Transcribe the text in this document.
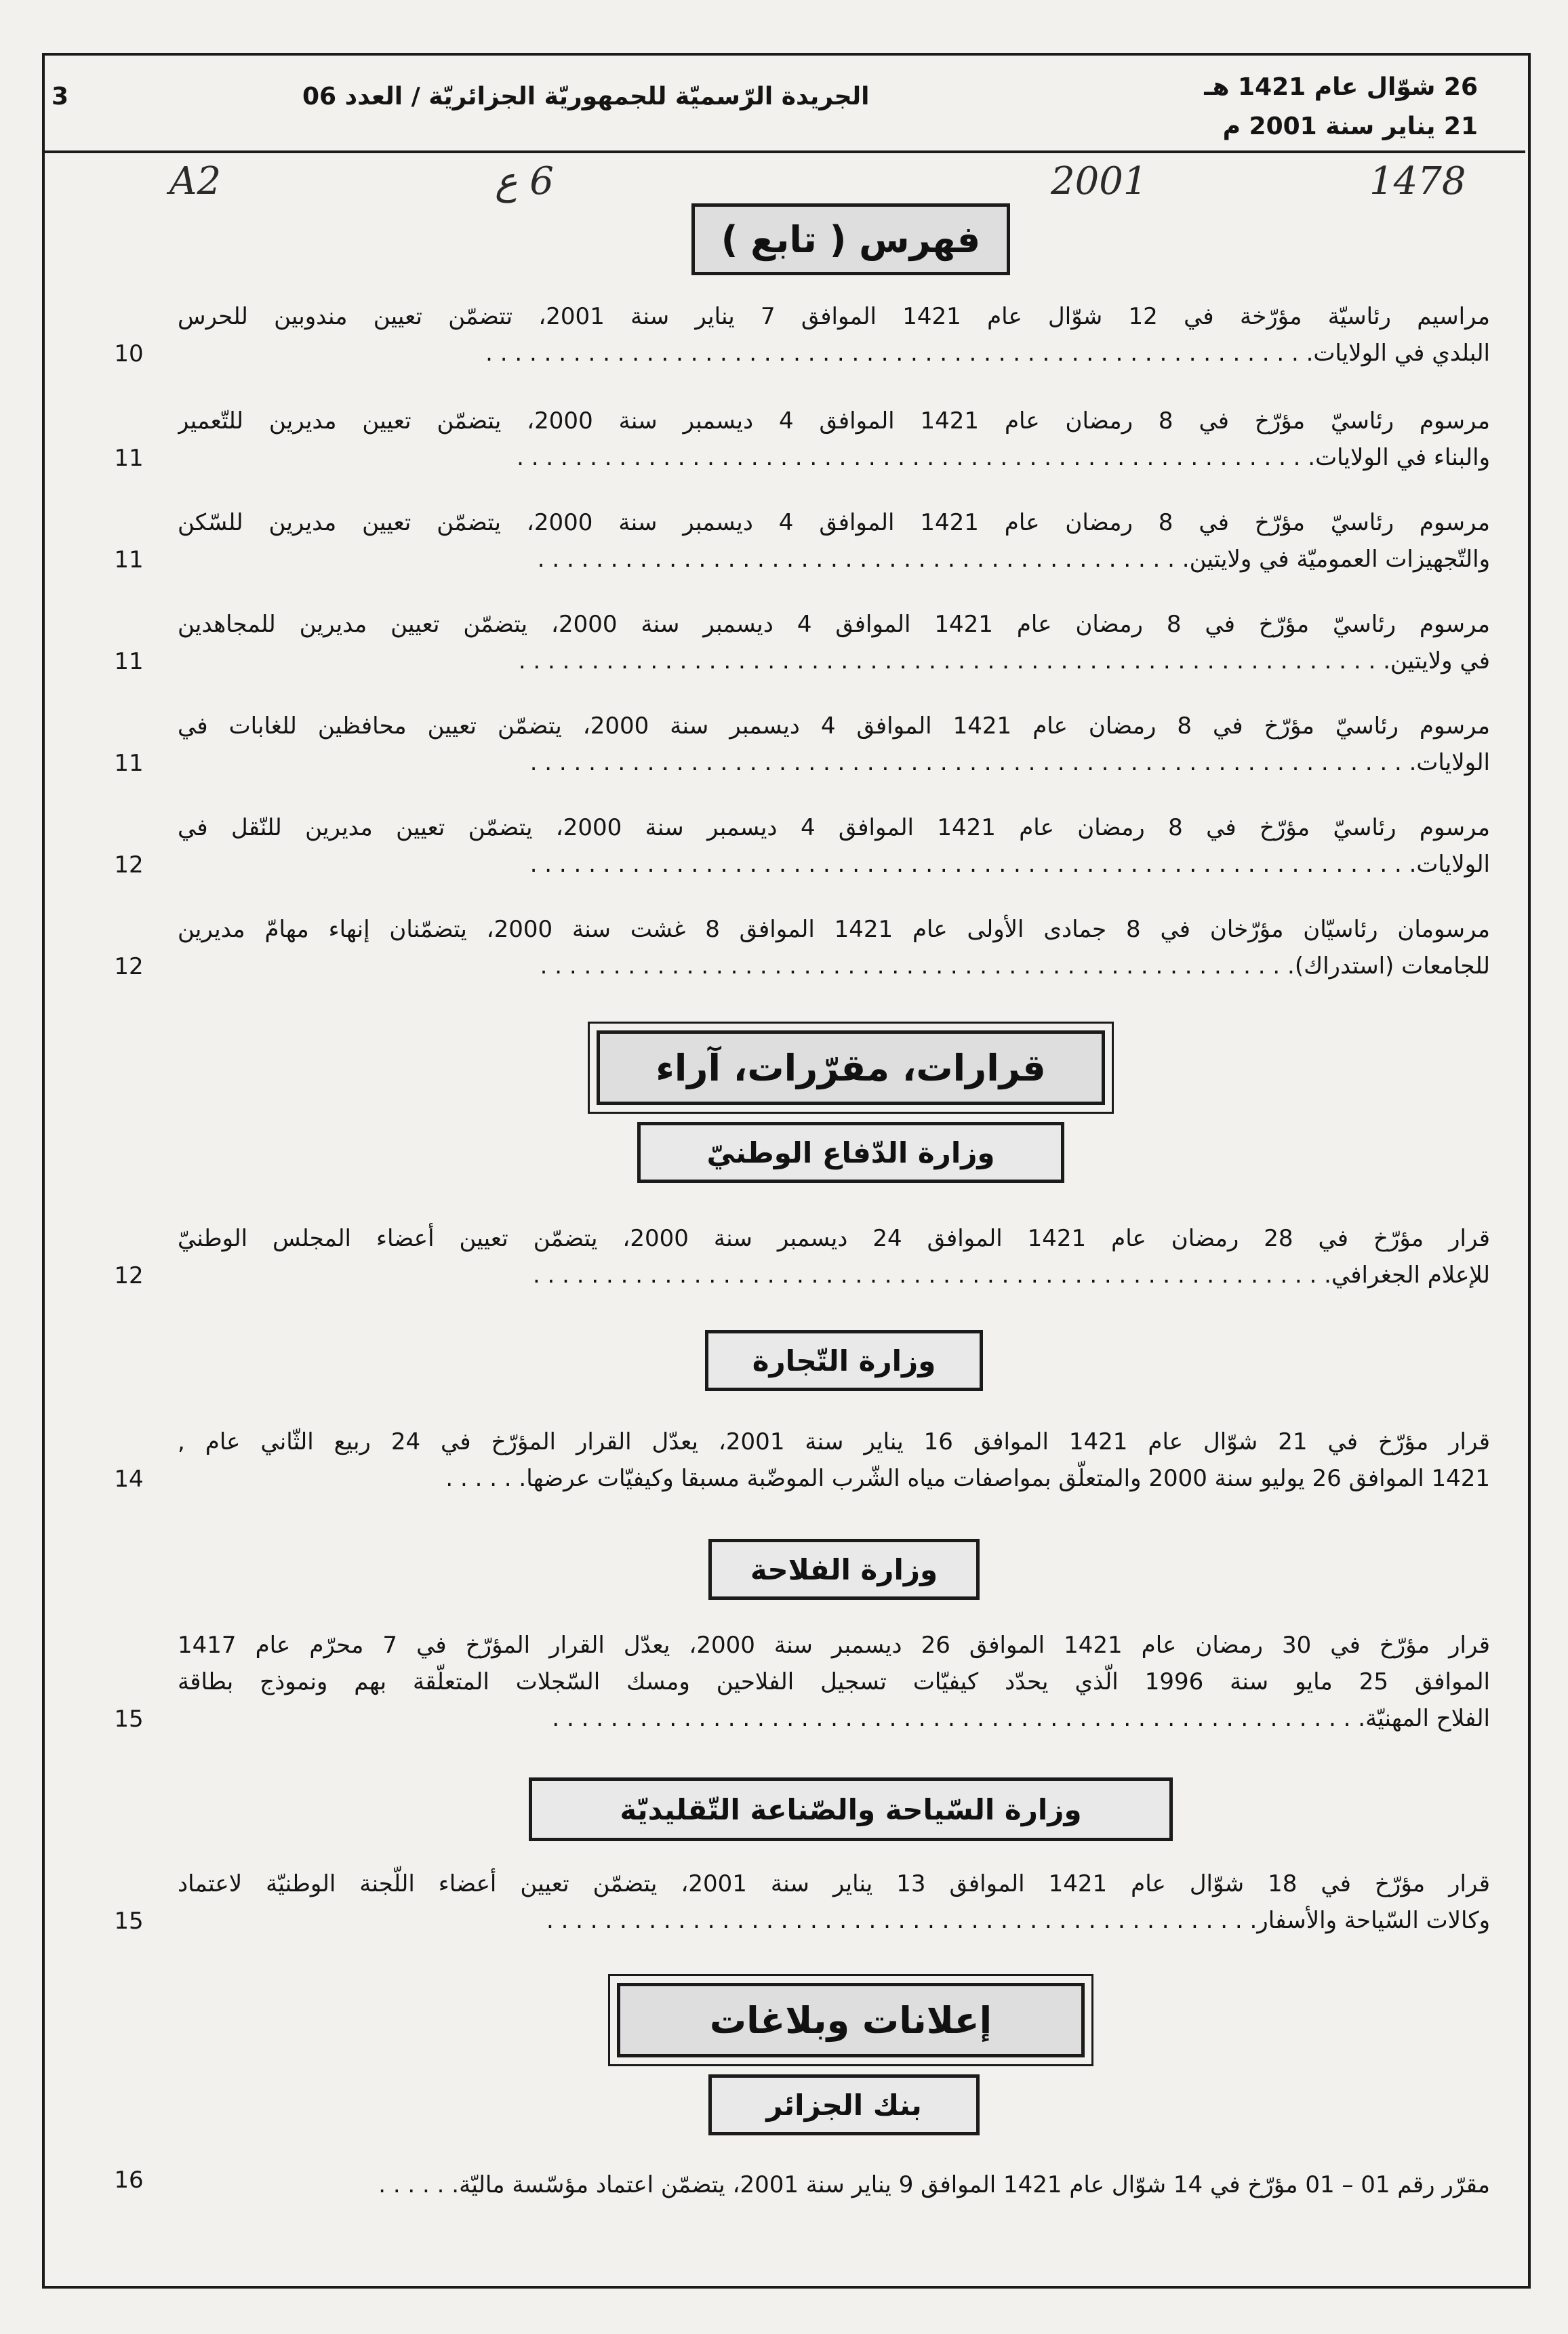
26 شوّال عام 1421 هـ
21 يناير سنة 2001 م
الجريدة الرّسميّة للجمهوريّة الجزائريّة / العدد 06
3
A2	6 ع	2001	1478
فهرس ( تابع )
مراسيم رئاسيّة مؤرّخة في 12 شوّال عام 1421 الموافق 7 يناير سنة 2001، تتضمّن تعيين مندوبين للحرس
البلدي في الولايات. . . . . . . . . . . . . . . . . . . . . . . . . . . . . . . . . . . . . . . . . . . . . . . . . . . . . . . . .
10
مرسوم رئاسيّ مؤرّخ في 8 رمضان عام 1421 الموافق 4 ديسمبر سنة 2000، يتضمّن تعيين مديرين للتّعمير
والبناء في الولايات. . . . . . . . . . . . . . . . . . . . . . . . . . . . . . . . . . . . . . . . . . . . . . . . . . . . . . .
11
مرسوم رئاسيّ مؤرّخ في 8 رمضان عام 1421 الموافق 4 ديسمبر سنة 2000، يتضمّن تعيين مديرين للسّكن
والتّجهيزات العموميّة في ولايتين. . . . . . . . . . . . . . . . . . . . . . . . . . . . . . . . . . . . . . . . . . . . .
11
مرسوم رئاسيّ مؤرّخ في 8 رمضان عام 1421 الموافق 4 ديسمبر سنة 2000، يتضمّن تعيين مديرين للمجاهدين
في ولايتين. . . . . . . . . . . . . . . . . . . . . . . . . . . . . . . . . . . . . . . . . . . . . . . . . . . . . . . . . . . .
11
مرسوم رئاسيّ مؤرّخ في 8 رمضان عام 1421 الموافق 4 ديسمبر سنة 2000، يتضمّن تعيين محافظين للغابات في
الولايات. . . . . . . . . . . . . . . . . . . . . . . . . . . . . . . . . . . . . . . . . . . . . . . . . . . . . . . . . . . . .
11
مرسوم رئاسيّ مؤرّخ في 8 رمضان عام 1421 الموافق 4 ديسمبر سنة 2000، يتضمّن تعيين مديرين للنّقل في
الولايات. . . . . . . . . . . . . . . . . . . . . . . . . . . . . . . . . . . . . . . . . . . . . . . . . . . . . . . . . . . . .
12
مرسومان رئاسيّان مؤرّخان في 8 جمادى الأولى عام 1421 الموافق 8 غشت سنة 2000، يتضمّنان إنهاء مهامّ مديرين
للجامعات (استدراك). . . . . . . . . . . . . . . . . . . . . . . . . . . . . . . . . . . . . . . . . . . . . . . . . . . .
12
قرارات، مقرّرات، آراء
وزارة الدّفاع الوطنيّ
قرار مؤرّخ في 28 رمضان عام 1421 الموافق 24 ديسمبر سنة 2000، يتضمّن تعيين أعضاء المجلس الوطنيّ
للإعلام الجغرافي. . . . . . . . . . . . . . . . . . . . . . . . . . . . . . . . . . . . . . . . . . . . . . . . . . . . . . .
12
وزارة التّجارة
قرار مؤرّخ في 21 شوّال عام 1421 الموافق 16 يناير سنة 2001، يعدّل القرار المؤرّخ في 24 ربيع الثّاني عام ,
1421 الموافق 26 يوليو سنة 2000 والمتعلّق بمواصفات مياه الشّرب الموضّبة مسبقا وكيفيّات عرضها. . . . . .
14
وزارة الفلاحة
قرار مؤرّخ في 30 رمضان عام 1421 الموافق 26 ديسمبر سنة 2000، يعدّل القرار المؤرّخ في 7 محرّم عام 1417
الموافق 25 مايو سنة 1996 الّذي يحدّد كيفيّات تسجيل الفلاحين ومسك السّجلات المتعلّقة بهم ونموذج بطاقة
الفلاح المهنيّة. . . . . . . . . . . . . . . . . . . . . . . . . . . . . . . . . . . . . . . . . . . . . . . . . . . . . . . .
15
وزارة السّياحة والصّناعة التّقليديّة
قرار مؤرّخ في 18 شوّال عام 1421 الموافق 13 يناير سنة 2001، يتضمّن تعيين أعضاء اللّجنة الوطنيّة لاعتماد
وكالات السّياحة والأسفار. . . . . . . . . . . . . . . . . . . . . . . . . . . . . . . . . . . . . . . . . . . . . . . . .
15
إعلانات وبلاغات
بنك الجزائر
مقرّر رقم 01 – 01 مؤرّخ في 14 شوّال عام 1421 الموافق 9 يناير سنة 2001، يتضمّن اعتماد مؤسّسة ماليّة. . . . . .
16
